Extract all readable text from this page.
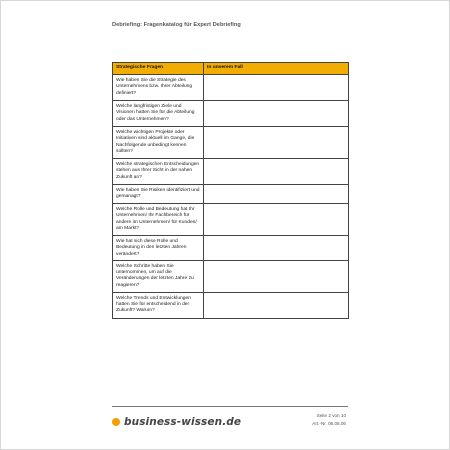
Debriefing: Fragenkatalog für Expert Debriefing
Strategische Fragen	In unserem Fall

Wie haben Sie die Strategie des Unternehmens bzw. Ihrer Abteilung definiert?	

Welche langfristigen Ziele und Visionen hatten Sie für die Abteilung oder das Unternehmen?	

Welche wichtigen Projekte oder Initiativen sind aktuell im Gange, die Nachfolgende unbedingt kennen sollten?	

Welche strategischen Entscheidungen stehen aus Ihrer Sicht in der nahen Zukunft an?	

Wie haben Sie Risiken identifiziert und gemanagt?	

Welche Rolle und Bedeutung hat Ihr Unternehmen/ Ihr Fachbereich für andere im Unternehmen/ für Kunden/ am Markt?	

Wie hat sich diese Rolle und Bedeutung in den letzten Jahren verändert?	

Welche Schritte haben Sie unternommen, um auf die Veränderungen der letzten Jahre zu reagieren?	

Welche Trends und Entwicklungen hatten Sie für entscheidend in der Zukunft? Warum?	

business-wissen.de
Seite 2 von 10
Art.-Nr. 06.08.06
